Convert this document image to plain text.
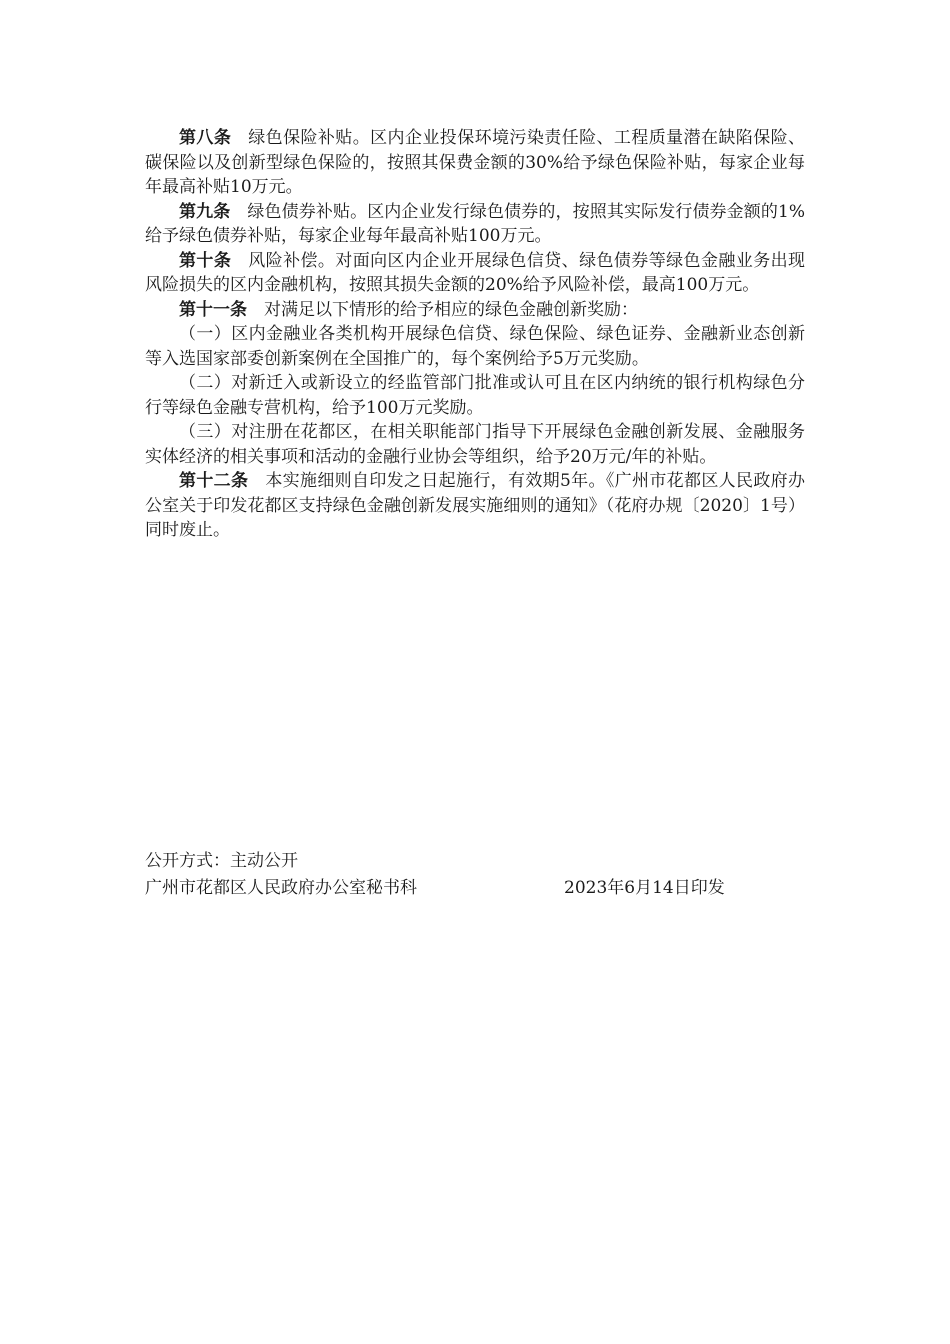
第八条 绿色保险补贴。区内企业投保环境污染责任险、工程质量潜在缺陷保险、碳保险以及创新型绿色保险的，按照其保费金额的30%给予绿色保险补贴，每家企业每年最高补贴10万元。

第九条 绿色债券补贴。区内企业发行绿色债券的，按照其实际发行债券金额的1%给予绿色债券补贴，每家企业每年最高补贴100万元。

第十条 风险补偿。对面向区内企业开展绿色信贷、绿色债券等绿色金融业务出现风险损失的区内金融机构，按照其损失金额的20%给予风险补偿，最高100万元。

第十一条 对满足以下情形的给予相应的绿色金融创新奖励：

（一）区内金融业各类机构开展绿色信贷、绿色保险、绿色证券、金融新业态创新等入选国家部委创新案例在全国推广的，每个案例给予5万元奖励。

（二）对新迁入或新设立的经监管部门批准或认可且在区内纳统的银行机构绿色分行等绿色金融专营机构，给予100万元奖励。

（三）对注册在花都区，在相关职能部门指导下开展绿色金融创新发展、金融服务实体经济的相关事项和活动的金融行业协会等组织，给予20万元/年的补贴。

第十二条 本实施细则自印发之日起施行，有效期5年。《广州市花都区人民政府办公室关于印发花都区支持绿色金融创新发展实施细则的通知》（花府办规〔2020〕1号）同时废止。

公开方式：主动公开

广州市花都区人民政府办公室秘书科	2023年6月14日印发
